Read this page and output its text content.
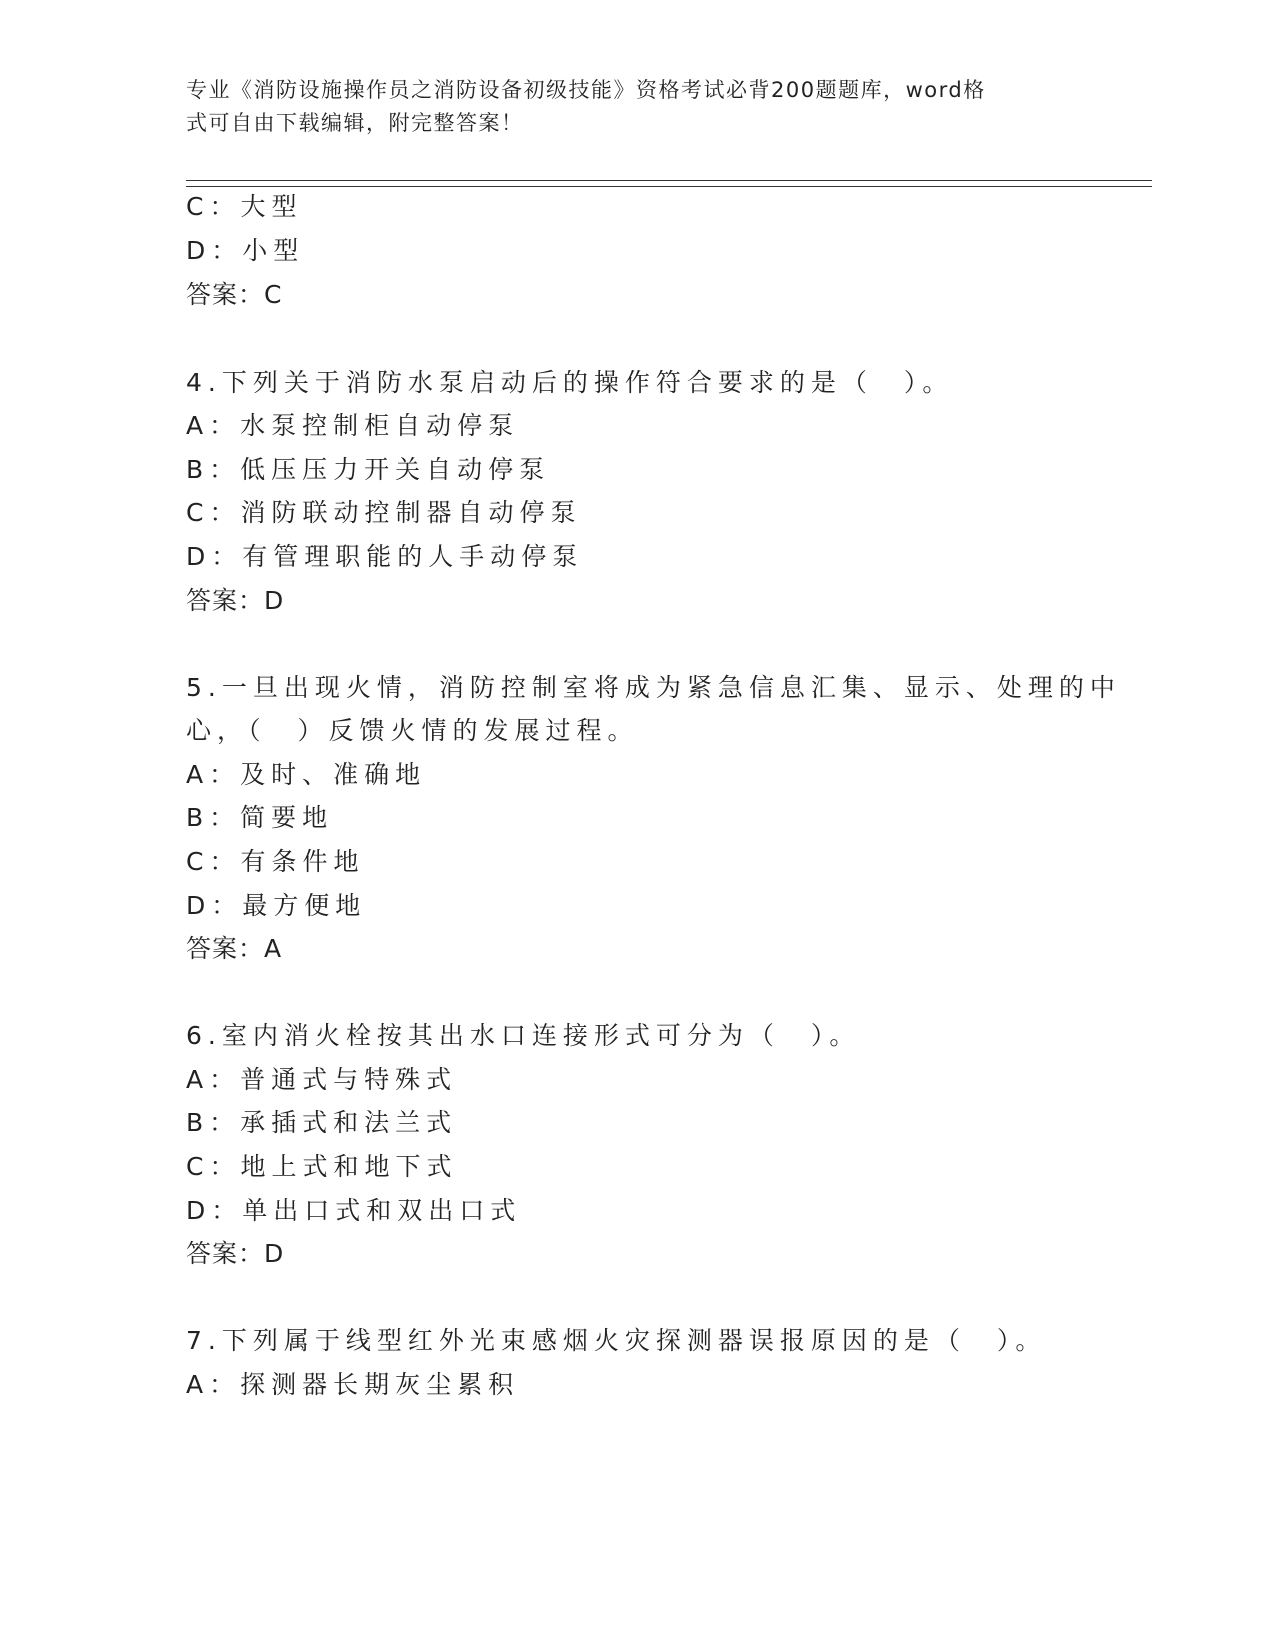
专业《消防设施操作员之消防设备初级技能》资格考试必背200题题库，word格
式可自由下载编辑，附完整答案！
C：大型
D：小型
答案：C
4.下列关于消防水泵启动后的操作符合要求的是（　）。
A：水泵控制柜自动停泵
B：低压压力开关自动停泵
C：消防联动控制器自动停泵
D：有管理职能的人手动停泵
答案：D
5.一旦出现火情，消防控制室将成为紧急信息汇集、显示、处理的中
心，（　）反馈火情的发展过程。
A：及时、准确地
B：简要地
C：有条件地
D：最方便地
答案：A
6.室内消火栓按其出水口连接形式可分为（　）。
A：普通式与特殊式
B：承插式和法兰式
C：地上式和地下式
D：单出口式和双出口式
答案：D
7.下列属于线型红外光束感烟火灾探测器误报原因的是（　）。
A：探测器长期灰尘累积
